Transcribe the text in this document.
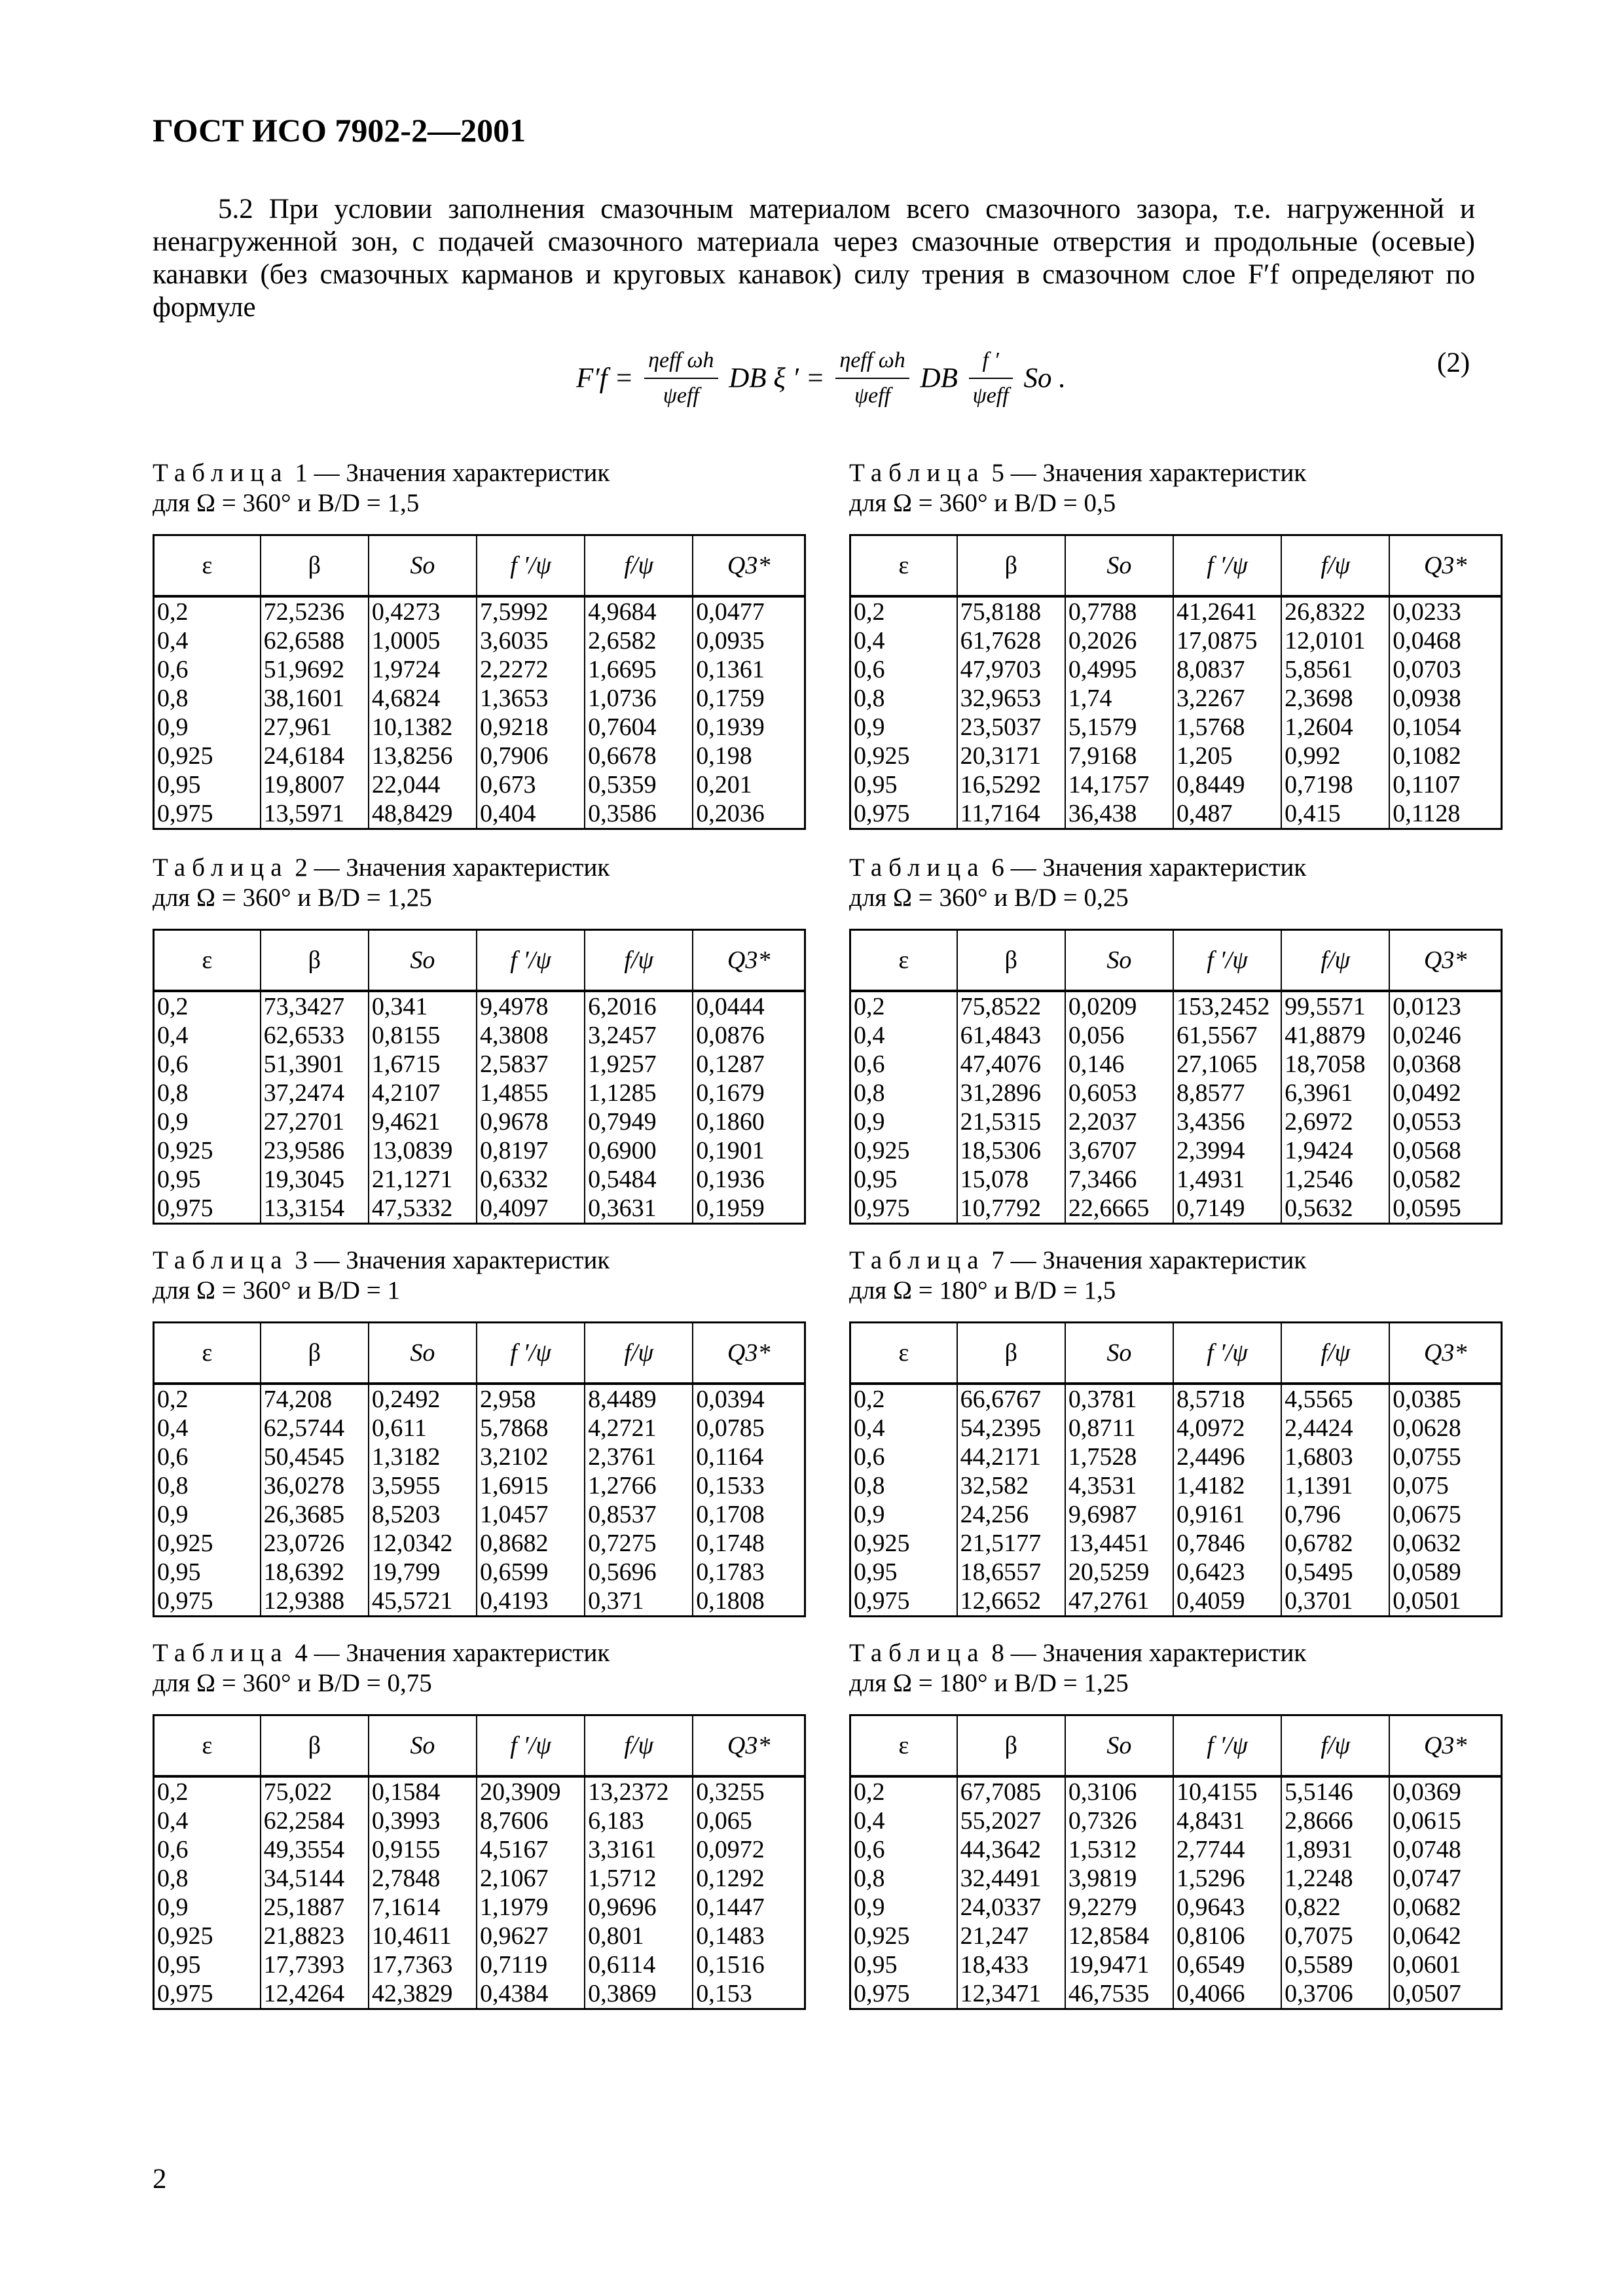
ГОСТ ИСО 7902-2—2001
5.2 При условии заполнения смазочным материалом всего смазочного зазора, т.е. нагруженной и ненагруженной зон, с подачей смазочного материала через смазочные отверстия и продольные (осевые) канавки (без смазочных карманов и круговых канавок) силу трения в смазочном слое F′f определяют по формуле
$F'f = \frac{\text{ηeff ωh}}{\text{ψeff}}$ DB ξ ′ = $\frac{\text{ηeff ωh}}{\text{ψeff}}$ DB $\frac{f '}{\text{ψeff}}$ So .	(2)
Таблица 1 — Значения характеристик
для Ω = 360° и B/D = 1,5
ε	β	So	f ′/ψ	f/ψ	Q3*
0,2	72,5236	0,4273	7,5992	4,9684	0,0477
0,4	62,6588	1,0005	3,6035	2,6582	0,0935
0,6	51,9692	1,9724	2,2272	1,6695	0,1361
0,8	38,1601	4,6824	1,3653	1,0736	0,1759
0,9	27,961	10,1382	0,9218	0,7604	0,1939
0,925	24,6184	13,8256	0,7906	0,6678	0,198
0,95	19,8007	22,044	0,673	0,5359	0,201
0,975	13,5971	48,8429	0,404	0,3586	0,2036
Таблица 2 — Значения характеристик
для Ω = 360° и B/D = 1,25
ε	β	So	f ′/ψ	f/ψ	Q3*
0,2	73,3427	0,341	9,4978	6,2016	0,0444
0,4	62,6533	0,8155	4,3808	3,2457	0,0876
0,6	51,3901	1,6715	2,5837	1,9257	0,1287
0,8	37,2474	4,2107	1,4855	1,1285	0,1679
0,9	27,2701	9,4621	0,9678	0,7949	0,1860
0,925	23,9586	13,0839	0,8197	0,6900	0,1901
0,95	19,3045	21,1271	0,6332	0,5484	0,1936
0,975	13,3154	47,5332	0,4097	0,3631	0,1959
Таблица 3 — Значения характеристик
для Ω = 360° и B/D = 1
ε	β	So	f ′/ψ	f/ψ	Q3*
0,2	74,208	0,2492	2,958	8,4489	0,0394
0,4	62,5744	0,611	5,7868	4,2721	0,0785
0,6	50,4545	1,3182	3,2102	2,3761	0,1164
0,8	36,0278	3,5955	1,6915	1,2766	0,1533
0,9	26,3685	8,5203	1,0457	0,8537	0,1708
0,925	23,0726	12,0342	0,8682	0,7275	0,1748
0,95	18,6392	19,799	0,6599	0,5696	0,1783
0,975	12,9388	45,5721	0,4193	0,371	0,1808
Таблица 4 — Значения характеристик
для Ω = 360° и B/D = 0,75
ε	β	So	f ′/ψ	f/ψ	Q3*
0,2	75,022	0,1584	20,3909	13,2372	0,3255
0,4	62,2584	0,3993	8,7606	6,183	0,065
0,6	49,3554	0,9155	4,5167	3,3161	0,0972
0,8	34,5144	2,7848	2,1067	1,5712	0,1292
0,9	25,1887	7,1614	1,1979	0,9696	0,1447
0,925	21,8823	10,4611	0,9627	0,801	0,1483
0,95	17,7393	17,7363	0,7119	0,6114	0,1516
0,975	12,4264	42,3829	0,4384	0,3869	0,153
Таблица 5 — Значения характеристик
для Ω = 360° и B/D = 0,5
ε	β	So	f ′/ψ	f/ψ	Q3*
0,2	75,8188	0,7788	41,2641	26,8322	0,0233
0,4	61,7628	0,2026	17,0875	12,0101	0,0468
0,6	47,9703	0,4995	8,0837	5,8561	0,0703
0,8	32,9653	1,74	3,2267	2,3698	0,0938
0,9	23,5037	5,1579	1,5768	1,2604	0,1054
0,925	20,3171	7,9168	1,205	0,992	0,1082
0,95	16,5292	14,1757	0,8449	0,7198	0,1107
0,975	11,7164	36,438	0,487	0,415	0,1128
Таблица 6 — Значения характеристик
для Ω = 360° и B/D = 0,25
ε	β	So	f ′/ψ	f/ψ	Q3*
0,2	75,8522	0,0209	153,2452	99,5571	0,0123
0,4	61,4843	0,056	61,5567	41,8879	0,0246
0,6	47,4076	0,146	27,1065	18,7058	0,0368
0,8	31,2896	0,6053	8,8577	6,3961	0,0492
0,9	21,5315	2,2037	3,4356	2,6972	0,0553
0,925	18,5306	3,6707	2,3994	1,9424	0,0568
0,95	15,078	7,3466	1,4931	1,2546	0,0582
0,975	10,7792	22,6665	0,7149	0,5632	0,0595
Таблица 7 — Значения характеристик
для Ω = 180° и B/D = 1,5
ε	β	So	f ′/ψ	f/ψ	Q3*
0,2	66,6767	0,3781	8,5718	4,5565	0,0385
0,4	54,2395	0,8711	4,0972	2,4424	0,0628
0,6	44,2171	1,7528	2,4496	1,6803	0,0755
0,8	32,582	4,3531	1,4182	1,1391	0,075
0,9	24,256	9,6987	0,9161	0,796	0,0675
0,925	21,5177	13,4451	0,7846	0,6782	0,0632
0,95	18,6557	20,5259	0,6423	0,5495	0,0589
0,975	12,6652	47,2761	0,4059	0,3701	0,0501
Таблица 8 — Значения характеристик
для Ω = 180° и B/D = 1,25
ε	β	So	f ′/ψ	f/ψ	Q3*
0,2	67,7085	0,3106	10,4155	5,5146	0,0369
0,4	55,2027	0,7326	4,8431	2,8666	0,0615
0,6	44,3642	1,5312	2,7744	1,8931	0,0748
0,8	32,4491	3,9819	1,5296	1,2248	0,0747
0,9	24,0337	9,2279	0,9643	0,822	0,0682
0,925	21,247	12,8584	0,8106	0,7075	0,0642
0,95	18,433	19,9471	0,6549	0,5589	0,0601
0,975	12,3471	46,7535	0,4066	0,3706	0,0507
2
